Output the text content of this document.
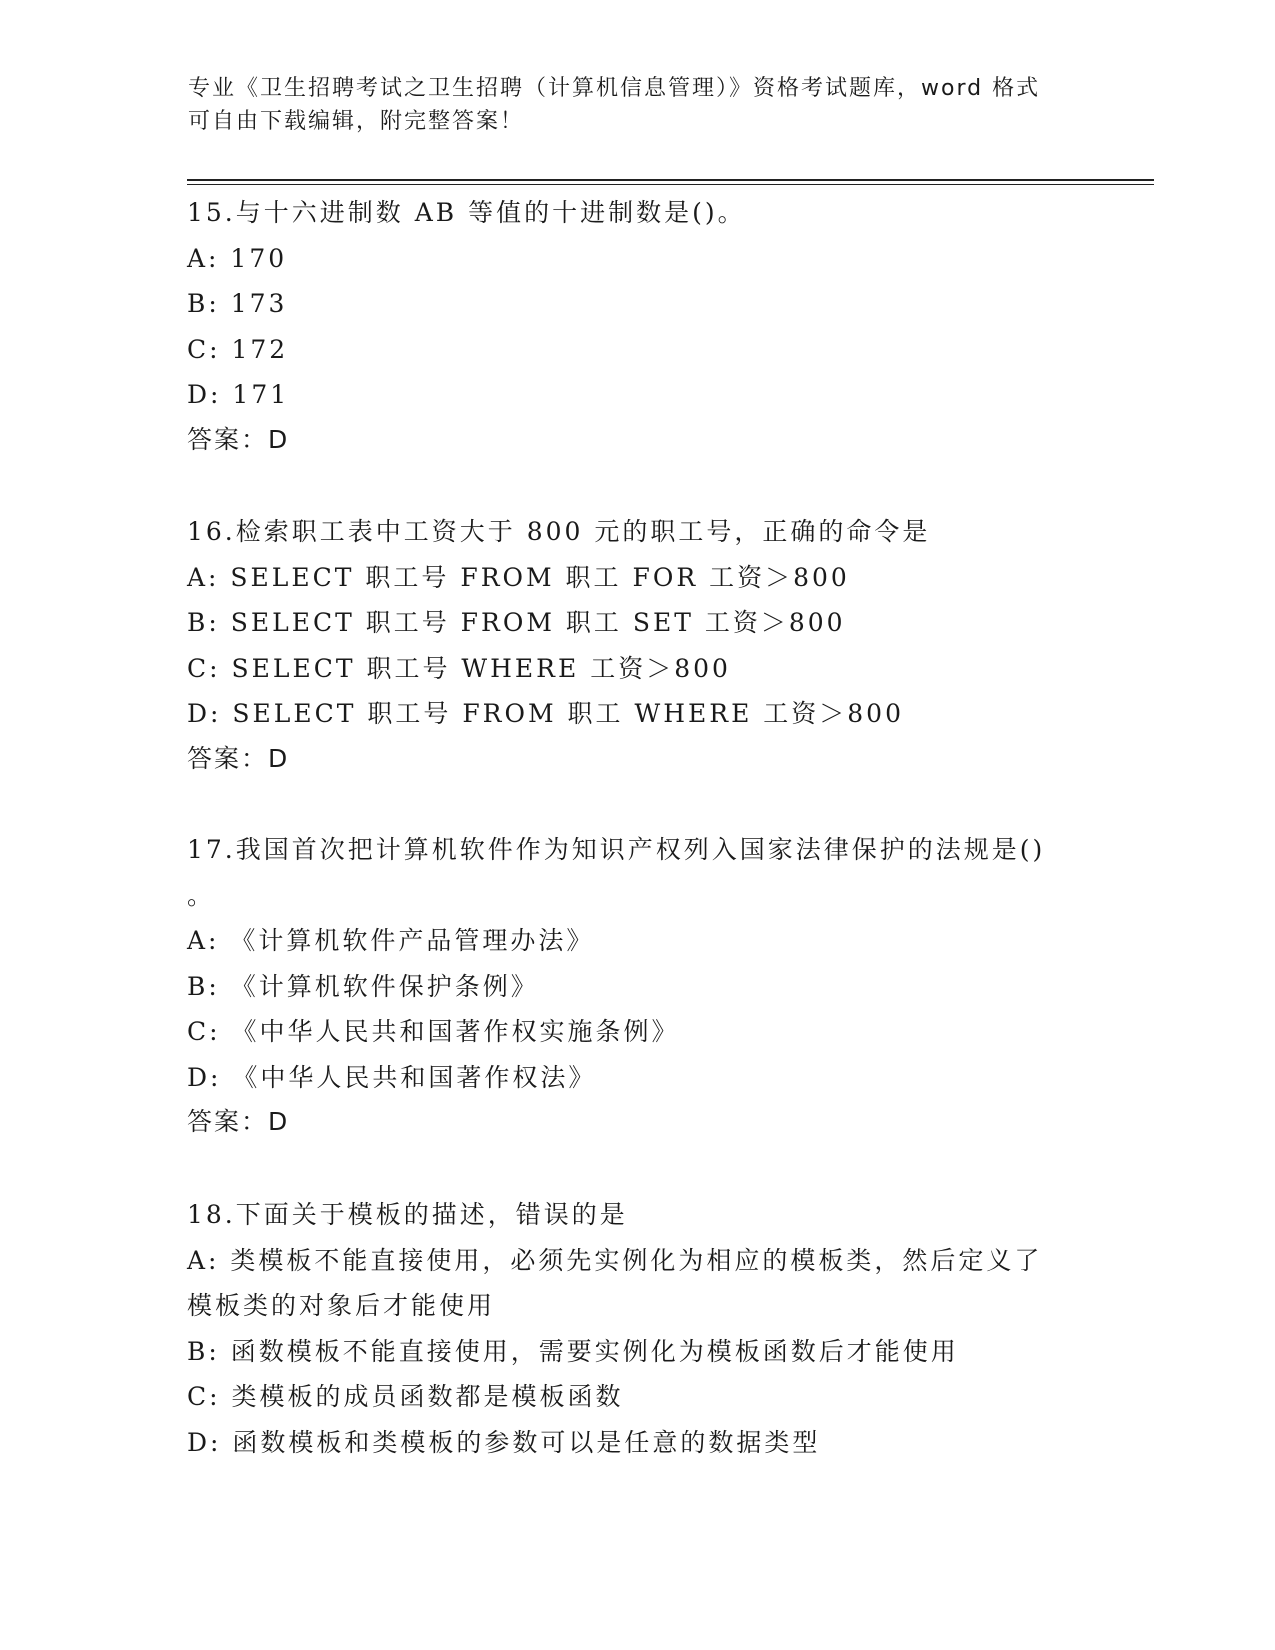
专业《卫生招聘考试之卫生招聘（计算机信息管理）》资格考试题库，word 格式
可自由下载编辑，附完整答案！
15.与十六进制数 AB 等值的十进制数是()。
A: 170
B: 173
C: 172
D: 171
答案：D
16.检索职工表中工资大于 800 元的职工号，正确的命令是
A: SELECT 职工号 FROM 职工 FOR 工资＞800
B: SELECT 职工号 FROM 职工 SET 工资＞800
C: SELECT 职工号 WHERE 工资＞800
D: SELECT 职工号 FROM 职工 WHERE 工资＞800
答案：D
17.我国首次把计算机软件作为知识产权列入国家法律保护的法规是()
。
A: 《计算机软件产品管理办法》
B: 《计算机软件保护条例》
C: 《中华人民共和国著作权实施条例》
D: 《中华人民共和国著作权法》
答案：D
18.下面关于模板的描述，错误的是
A: 类模板不能直接使用，必须先实例化为相应的模板类，然后定义了模板类的对象后才能使用
B: 函数模板不能直接使用，需要实例化为模板函数后才能使用
C: 类模板的成员函数都是模板函数
D: 函数模板和类模板的参数可以是任意的数据类型
